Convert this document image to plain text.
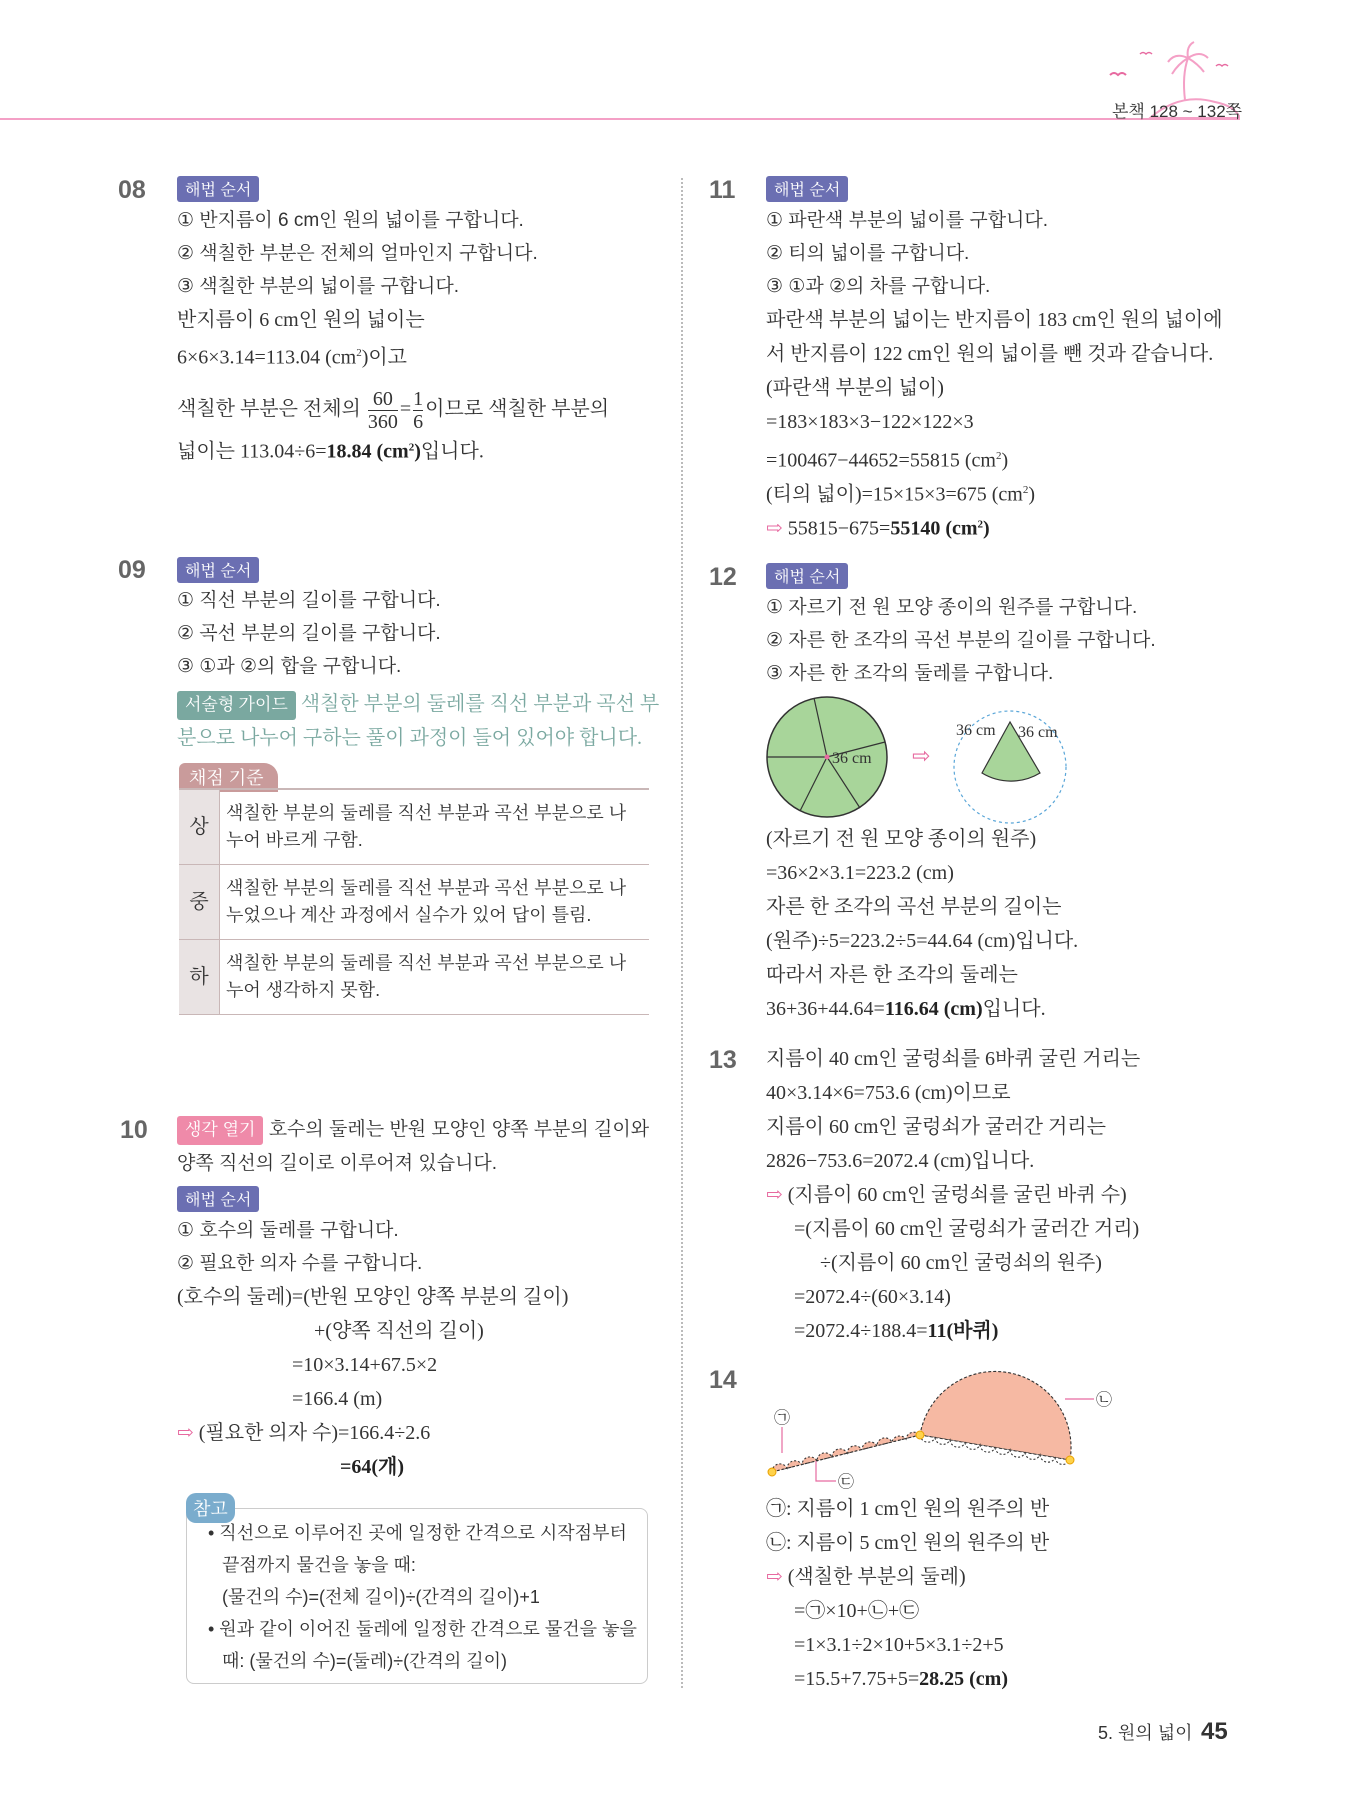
본책 128 ~ 132쪽
08	해법 순서
① 반지름이 6 cm인 원의 넓이를 구합니다.
② 색칠한 부분은 전체의 얼마인지 구합니다.
③ 색칠한 부분의 넓이를 구합니다.
반지름이 6 cm인 원의 넓이는
6×6×3.14=113.04 $(cm^2)$이고
색칠한 부분은 전체의 $\frac{60}{360} = \frac{1}{6}$ 이므로 색칠한 부분의
넓이는 113.04÷6=18.84 $(cm^2)$입니다.
09	해법 순서
① 직선 부분의 길이를 구합니다.
② 곡선 부분의 길이를 구합니다.
③ ①과 ②의 합을 구합니다.
서술형 가이드 색칠한 부분의 둘레를 직선 부분과 곡선 부
분으로 나누어 구하는 풀이 과정이 들어 있어야 합니다.
채점 기준
상	색칠한 부분의 둘레를 직선 부분과 곡선 부분으로 나
누어 바르게 구함.
중	색칠한 부분의 둘레를 직선 부분과 곡선 부분으로 나
누었으나 계산 과정에서 실수가 있어 답이 틀림.
하	색칠한 부분의 둘레를 직선 부분과 곡선 부분으로 나
누어 생각하지 못함.
10	생각 열기 호수의 둘레는 반원 모양인 양쪽 부분의 길이와
양쪽 직선의 길이로 이루어져 있습니다.
해법 순서
① 호수의 둘레를 구합니다.
② 필요한 의자 수를 구합니다.
(호수의 둘레)=(반원 모양인 양쪽 부분의 길이)
+(양쪽 직선의 길이)
=10×3.14+67.5×2
=166.4 (m)
⇨ (필요한 의자 수)=166.4÷2.6
=64(개)
참고
• 직선으로 이루어진 곳에 일정한 간격으로 시작점부터
끝점까지 물건을 놓을 때:
(물건의 수)=(전체 길이)÷(간격의 길이)+1
• 원과 같이 이어진 둘레에 일정한 간격으로 물건을 놓을
때: (물건의 수)=(둘레)÷(간격의 길이)
11	해법 순서
① 파란색 부분의 넓이를 구합니다.
② 티의 넓이를 구합니다.
③ ①과 ②의 차를 구합니다.
파란색 부분의 넓이는 반지름이 183 cm인 원의 넓이에
서 반지름이 122 cm인 원의 넓이를 뺀 것과 같습니다.
(파란색 부분의 넓이)
=183×183×3−122×122×3
=100467−44652=55815 $(cm^2)$
(티의 넓이)=15×15×3=675 $(cm^2)$
⇨ 55815−675=55140 $(cm^2)$
12	해법 순서
① 자르기 전 원 모양 종이의 원주를 구합니다.
② 자른 한 조각의 곡선 부분의 길이를 구합니다.
③ 자른 한 조각의 둘레를 구합니다.
36 cm ⇨
36 cm 36 cm
(자르기 전 원 모양 종이의 원주)
=36×2×3.1=223.2 (cm)
자른 한 조각의 곡선 부분의 길이는
(원주)÷5=223.2÷5=44.64 (cm)입니다.
따라서 자른 한 조각의 둘레는
36+36+44.64=116.64 (cm)입니다.
13 지름이 40 cm인 굴렁쇠를 6바퀴 굴린 거리는
40×3.14×6=753.6 (cm)이므로
지름이 60 cm인 굴렁쇠가 굴러간 거리는
2826−753.6=2072.4 (cm)입니다.
⇨ (지름이 60 cm인 굴렁쇠를 굴린 바퀴 수)
=(지름이 60 cm인 굴렁쇠가 굴러간 거리)
÷(지름이 60 cm인 굴렁쇠의 원주)
=2072.4÷(60×3.14)
=2072.4÷188.4=11(바퀴)
14
㉠
㉡
㉢
㉠: 지름이 1 cm인 원의 원주의 반
㉡: 지름이 5 cm인 원의 원주의 반
⇨ (색칠한 부분의 둘레)
=㉠×10+㉡+㉢
=1×3.1÷2×10+5×3.1÷2+5
=15.5+7.75+5=28.25 (cm)
5. 원의 넓이 45
